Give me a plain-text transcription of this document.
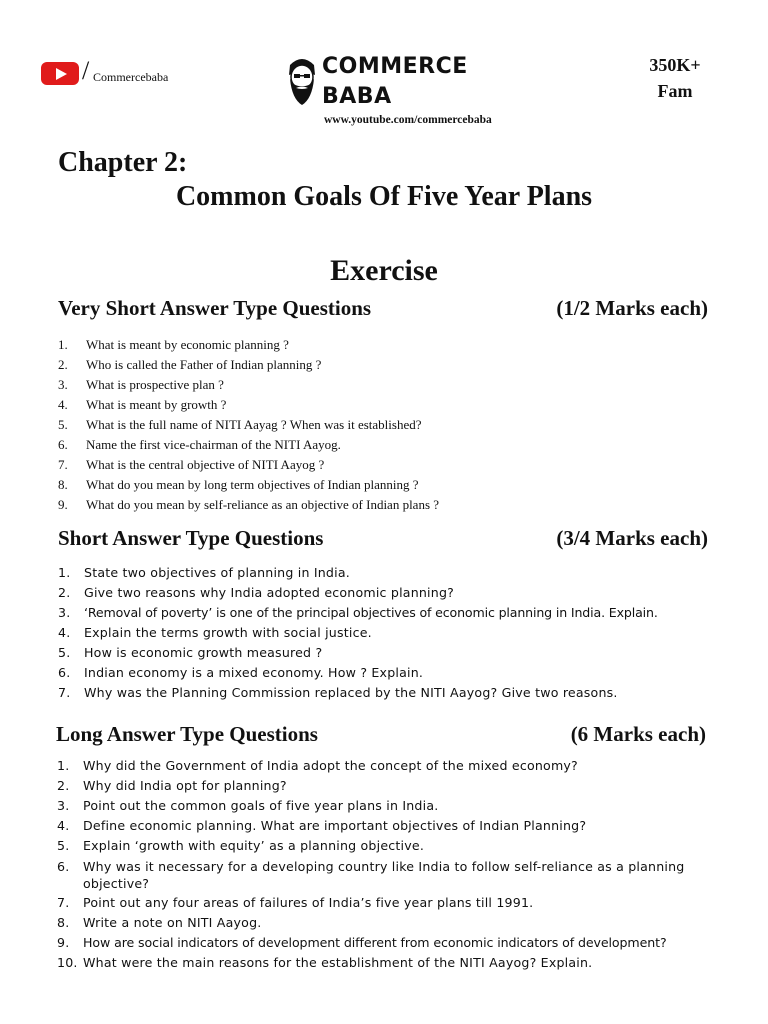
/ Commercebaba	COMMERCE
BABA
www.youtube.com/commercebaba
350K+
Fam
Chapter 2:
Common Goals Of Five Year Plans
Exercise
Very Short Answer Type Questions	(1/2 Marks each)
1. What is meant by economic planning ?
2. Who is called the Father of Indian planning ?
3. What is prospective plan ?
4. What is meant by growth ?
5. What is the full name of NITI Aayag ? When was it established?
6. Name the first vice-chairman of the NITI Aayog.
7. What is the central objective of NITI Aayog ?
8. What do you mean by long term objectives of Indian planning ?
9. What do you mean by self-reliance as an objective of Indian plans ?
Short Answer Type Questions	(3/4 Marks each)
1. State two objectives of planning in India.
2. Give two reasons why India adopted economic planning?
3. ‘Removal of poverty’ is one of the principal objectives of economic planning in India. Explain.
4. Explain the terms growth with social justice.
5. How is economic growth measured ?
6. Indian economy is a mixed economy. How ? Explain.
7. Why was the Planning Commission replaced by the NITI Aayog? Give two reasons.
Long Answer Type Questions	(6 Marks each)
1. Why did the Government of India adopt the concept of the mixed economy?
2. Why did India opt for planning?
3. Point out the common goals of five year plans in India.
4. Define economic planning. What are important objectives of Indian Planning?
5. Explain ‘growth with equity’ as a planning objective.
6.	Why was it necessary for a developing country like India to follow self-reliance as a planning objective?
7. Point out any four areas of failures of India’s five year plans till 1991.
8. Write a note on NITI Aayog.
9. How are social indicators of development different from economic indicators of development?
10. What were the main reasons for the establishment of the NITI Aayog? Explain.
